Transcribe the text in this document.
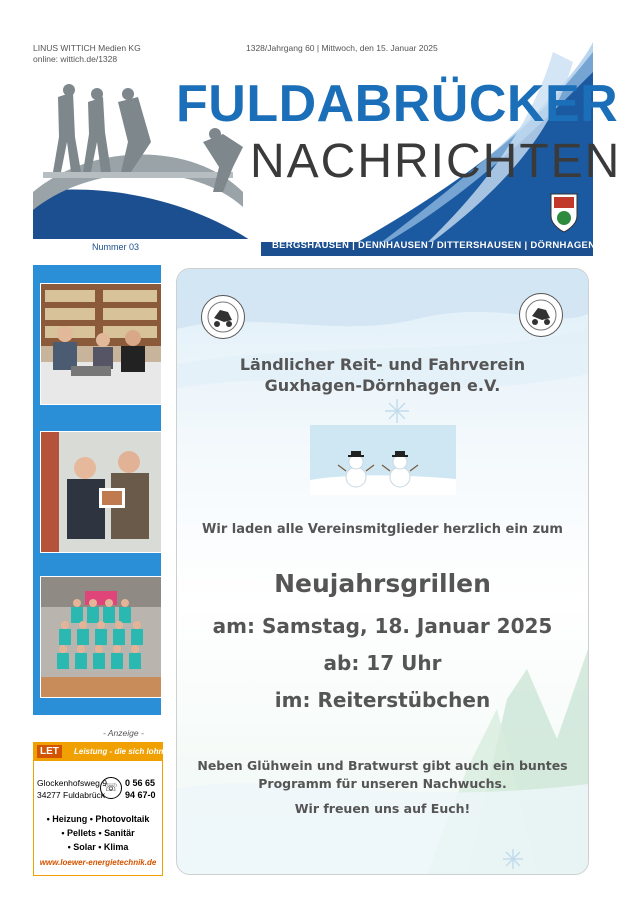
LINUS WITTICH Medien KG
online: wittich.de/1328
1328/Jahrgang 60 | Mittwoch, den 15. Januar 2025
FULDABRÜCKER
NACHRICHTEN
Nummer 03	BERGSHAUSEN | DENNHAUSEN / DITTERSHAUSEN | DÖRNHAGEN
- Anzeige -
LET	Leistung - die sich lohnt!
Glockenhofsweg 9
34277 Fuldabrück
☏ 0 56 65
94 67-0
• Heizung • Photovoltaik
• Pellets • Sanitär
• Solar • Klima
www.loewer-energietechnik.de
Ländlicher Reit- und Fahrverein
Guxhagen-Dörnhagen e.V.
Wir laden alle Vereinsmitglieder herzlich ein zum
Neujahrsgrillen
am: Samstag, 18. Januar 2025
ab: 17 Uhr
im: Reiterstübchen
Neben Glühwein und Bratwurst gibt auch ein buntes
Programm für unseren Nachwuchs.
Wir freuen uns auf Euch!
